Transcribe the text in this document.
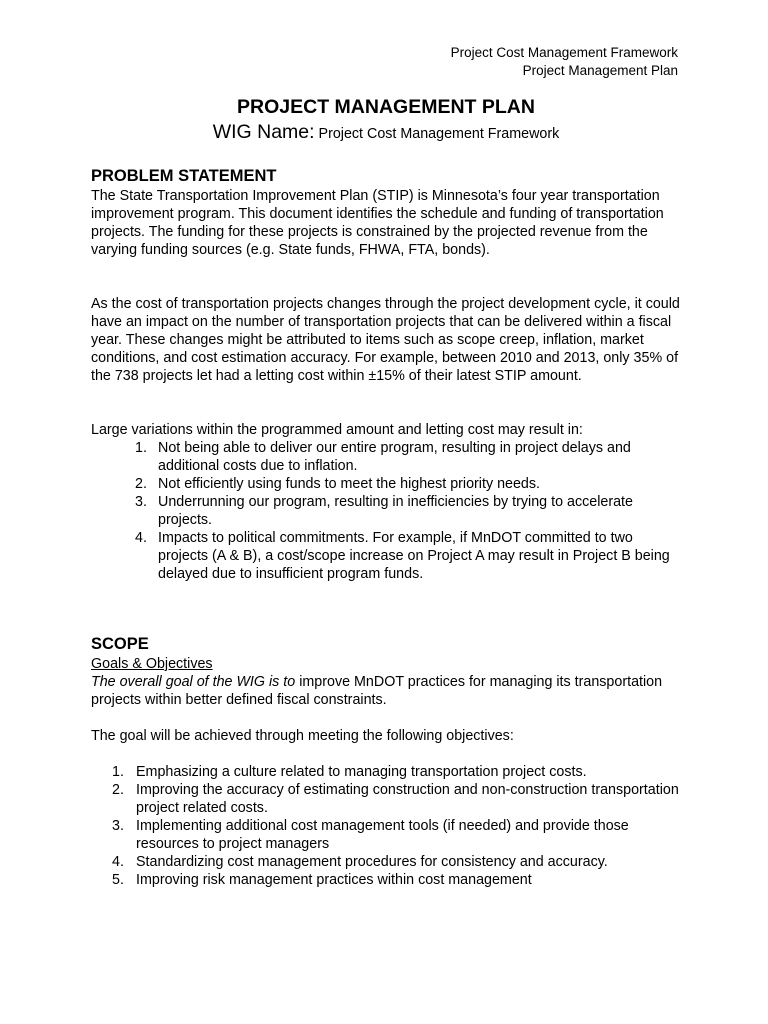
Project Cost Management Framework
Project Management Plan
PROJECT MANAGEMENT PLAN

WIG Name: Project Cost Management Framework

PROBLEM STATEMENT

The State Transportation Improvement Plan (STIP) is Minnesota’s four year transportation improvement program. This document identifies the schedule and funding of transportation projects. The funding for these projects is constrained by the projected revenue from the varying funding sources (e.g. State funds, FHWA, FTA, bonds).

As the cost of transportation projects changes through the project development cycle, it could have an impact on the number of transportation projects that can be delivered within a fiscal year. These changes might be attributed to items such as scope creep, inflation, market conditions, and cost estimation accuracy. For example, between 2010 and 2013, only 35% of the 738 projects let had a letting cost within ±15% of their latest STIP amount.

Large variations within the programmed amount and letting cost may result in:

1. Not being able to deliver our entire program, resulting in project delays and additional costs due to inflation.
2. Not efficiently using funds to meet the highest priority needs.
3. Underrunning our program, resulting in inefficiencies by trying to accelerate projects.
4. Impacts to political commitments. For example, if MnDOT committed to two projects (A & B), a cost/scope increase on Project A may result in Project B being delayed due to insufficient program funds.
SCOPE

Goals & Objectives

The overall goal of the WIG is to improve MnDOT practices for managing its transportation projects within better defined fiscal constraints.

The goal will be achieved through meeting the following objectives:

1. Emphasizing a culture related to managing transportation project costs.
2. Improving the accuracy of estimating construction and non-construction transportation project related costs.
3. Implementing additional cost management tools (if needed) and provide those resources to project managers
4. Standardizing cost management procedures for consistency and accuracy.
5. Improving risk management practices within cost management
